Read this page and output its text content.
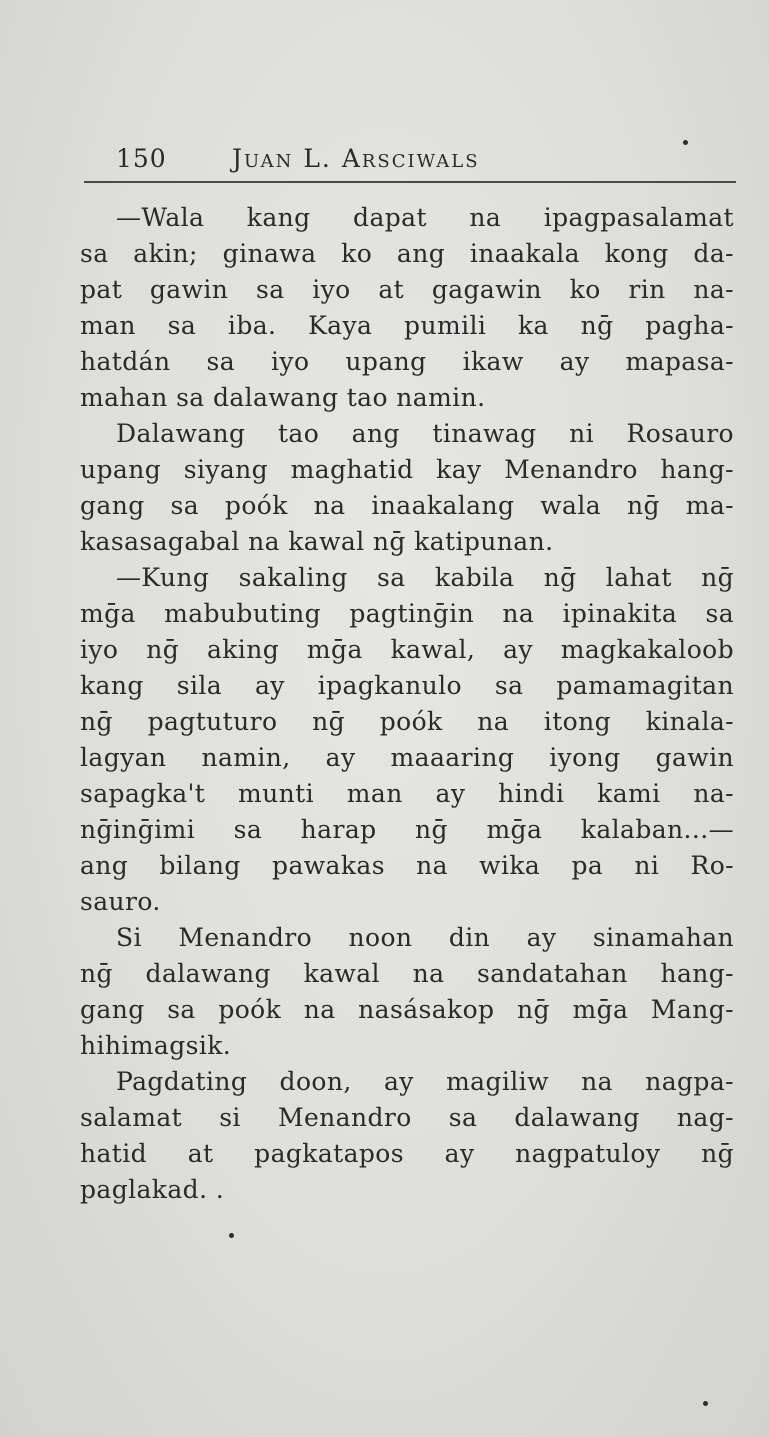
150	Juan L. Arsciwals
—Wala kang dapat na ipagpasalamat
sa akin; ginawa ko ang inaakala kong da-
pat gawin sa iyo at gagawin ko rin na-
man sa iba. Kaya pumili ka nḡ pagha-
hatdán sa iyo upang ikaw ay mapasa-
mahan sa dalawang tao namin.
Dalawang tao ang tinawag ni Rosauro
upang siyang maghatid kay Menandro hang-
gang sa poók na inaakalang wala nḡ ma-
kasasagabal na kawal nḡ katipunan.
—Kung sakaling sa kabila nḡ lahat nḡ
mḡa mabubuting pagtinḡin na ipinakita sa
iyo nḡ aking mḡa kawal, ay magkakaloob
kang sila ay ipagkanulo sa pamamagitan
nḡ pagtuturo nḡ poók na itong kinala-
lagyan namin, ay maaaring iyong gawin
sapagka't munti man ay hindi kami na-
nḡinḡimi sa harap nḡ mḡa kalaban...—
ang bilang pawakas na wika pa ni Ro-
sauro.
Si Menandro noon din ay sinamahan
nḡ dalawang kawal na sandatahan hang-
gang sa poók na nasásakop nḡ mḡa Mang-
hihimagsik.
Pagdating doon, ay magiliw na nagpa-
salamat si Menandro sa dalawang nag-
hatid at pagkatapos ay nagpatuloy nḡ
paglakad. .
